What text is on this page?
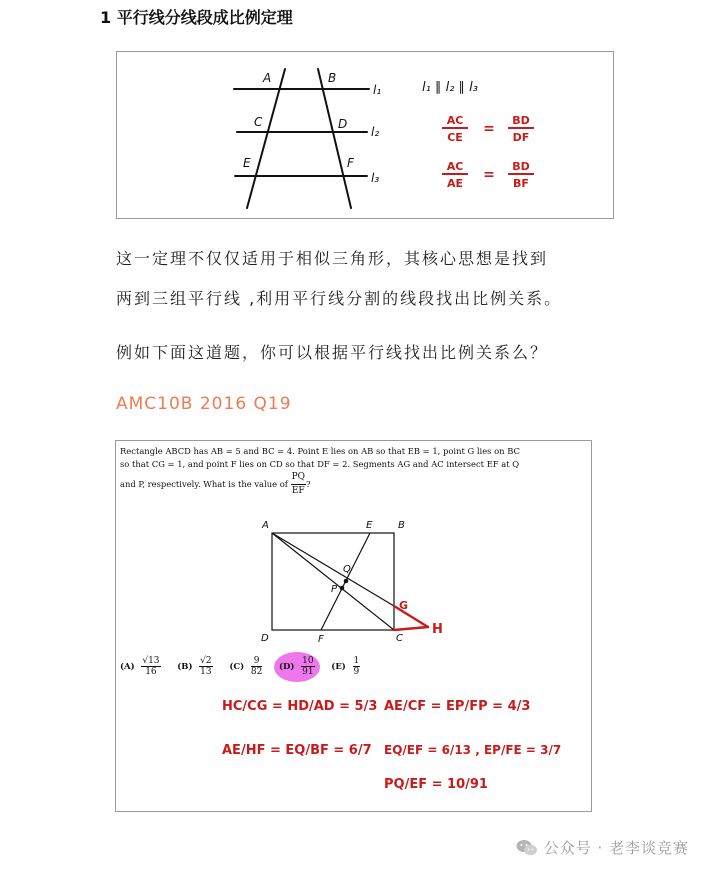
1 平行线分线段成比例定理
A	B
C	D
E	F
l₁
l₂
l₃
l₁ ∥ l₂ ∥ l₃
AC
CE
=
BD
DF
AC
AE
=
BD
BF
这一定理不仅仅适用于相似三角形，其核心思想是找到
两到三组平行线 ,利用平行线分割的线段找出比例关系。
例如下面这道题，你可以根据平行线找出比例关系么？
AMC10B 2016 Q19
Rectangle ABCD has AB = 5 and BC = 4. Point E lies on AB so that EB = 1, point G lies on BC
so that CG = 1, and point F lies on CD so that DF = 2. Segments AG and AC intersect EF at Q
and P, respectively. What is the value of $\frac{PQ}{EF}$ ?
A	E	B
D	F	C
Q
P
G
H
$(A) \frac{√13}{16} (B) \frac{√2}{13} (C) \frac{9}{82}$
$(D) \frac{10}{91} (E) \frac{1}{9}$
HC/CG = HD/AD = 5/3
AE/HF = EQ/BF = 6/7
AE/CF = EP/FP = 4/3
EQ/EF = 6/13 , EP/FE = 3/7
PQ/EF = 10/91
公众号 · 老李谈竞赛
